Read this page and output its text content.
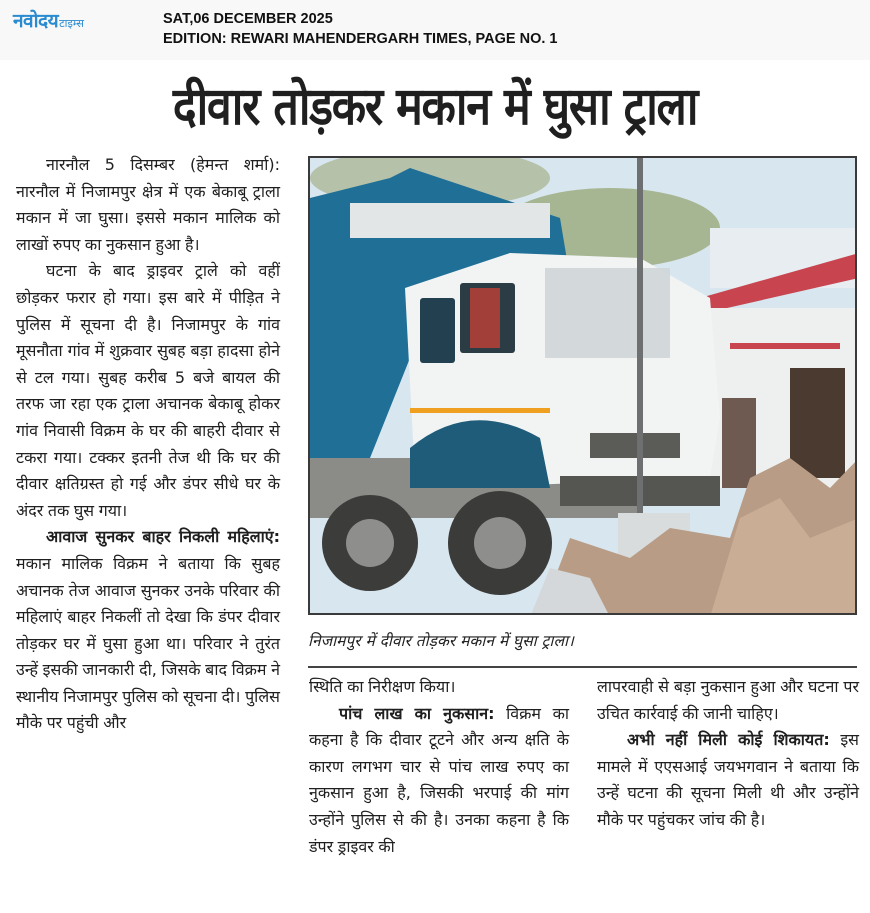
नवोदय टाइम्स	SAT,06 DECEMBER 2025
EDITION: REWARI MAHENDERGARH TIMES, PAGE NO. 1
दीवार तोड़कर मकान में घुसा ट्राला

नारनौल 5 दिसम्बर (हेमन्त शर्मा): नारनौल में निजामपुर क्षेत्र में एक बेकाबू ट्राला मकान में जा घुसा। इससे मकान मालिक को लाखों रुपए का नुकसान हुआ है।

घटना के बाद ड्राइवर ट्राले को वहीं छोड़कर फरार हो गया। इस बारे में पीड़ित ने पुलिस में सूचना दी है। निजामपुर के गांव मूसनौता गांव में शुक्रवार सुबह बड़ा हादसा होने से टल गया। सुबह करीब 5 बजे बायल की तरफ जा रहा एक ट्राला अचानक बेकाबू होकर गांव निवासी विक्रम के घर की बाहरी दीवार से टकरा गया। टक्कर इतनी तेज थी कि घर की दीवार क्षतिग्रस्त हो गई और डंपर सीधे घर के अंदर तक घुस गया।

आवाज सुनकर बाहर निकली महिलाएं: मकान मालिक विक्रम ने बताया कि सुबह अचानक तेज आवाज सुनकर उनके परिवार की महिलाएं बाहर निकलीं तो देखा कि डंपर दीवार तोड़कर घर में घुसा हुआ था। परिवार ने तुरंत उन्हें इसकी जानकारी दी, जिसके बाद विक्रम ने स्थानीय निजामपुर पुलिस को सूचना दी। पुलिस मौके पर पहुंची और

निजामपुर में दीवार तोड़कर मकान में घुसा ट्राला।

स्थिति का निरीक्षण किया।

पांच लाख का नुकसान: विक्रम का कहना है कि दीवार टूटने और अन्य क्षति के कारण लगभग चार से पांच लाख रुपए का नुकसान हुआ है, जिसकी भरपाई की मांग उन्होंने पुलिस से की है। उनका कहना है कि डंपर ड्राइवर की

लापरवाही से बड़ा नुकसान हुआ और घटना पर उचित कार्रवाई की जानी चाहिए।

अभी नहीं मिली कोई शिकायत: इस मामले में एएसआई जयभगवान ने बताया कि उन्हें घटना की सूचना मिली थी और उन्होंने मौके पर पहुंचकर जांच की है।
